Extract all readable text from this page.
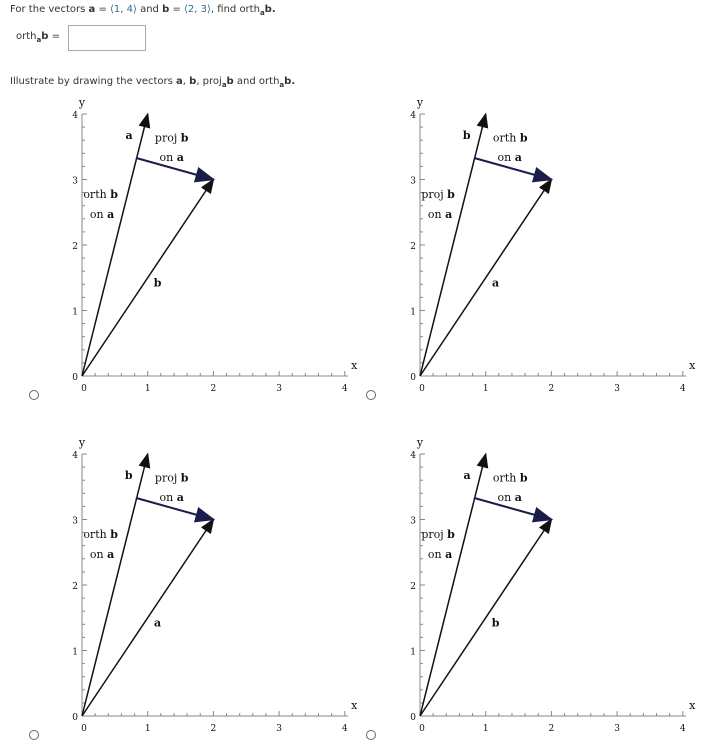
For the vectors a = ⟨1, 4⟩ and b = ⟨2, 3⟩, find orth$_a$b.
orth$_a$b =
Illustrate by drawing the vectors a, b, proj$_a$b and orth$_a$b.
0	1	2	3	4
4
3
2
1
0
y
x
a
b
proj b
on a
orth b
on a
0	1	2	3	4
4
3
2
1
0
y
x
b
a
orth b
on a
proj b
on a
0	1	2	3	4
4
3
2
1
0
y
x
b
a
proj b
on a
orth b
on a
0	1	2	3	4
4
3
2
1
0
y
x
a
b
orth b
on a
proj b
on a
